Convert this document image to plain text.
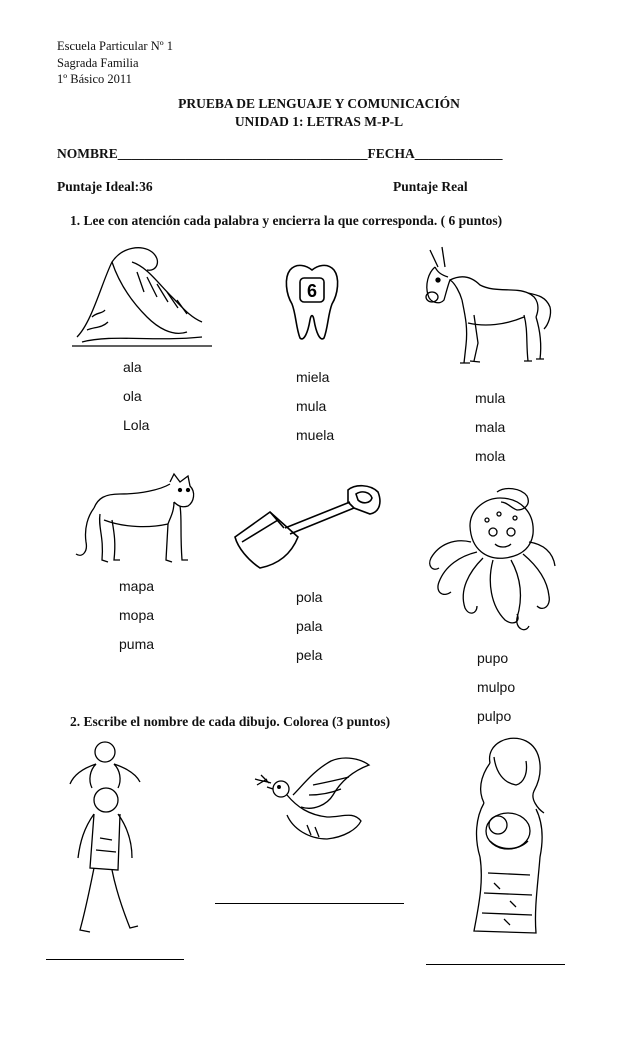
Escuela Particular Nº 1
Sagrada Familia
1º Básico 2011
PRUEBA DE LENGUAJE Y COMUNICACIÓN
UNIDAD 1: LETRAS M-P-L
NOMBRE_____________________________________FECHA_____________
Puntaje Ideal:36	Puntaje Real
1. Lee con atención cada palabra y encierra la que corresponda. ( 6 puntos)
6
ala
ola
Lola
miela
mula
muela
mula
mala
mola
mapa
mopa
puma
pola
pala
pela	pupo
mulpo
pulpo
2. Escribe el nombre de cada dibujo. Colorea (3 puntos)
